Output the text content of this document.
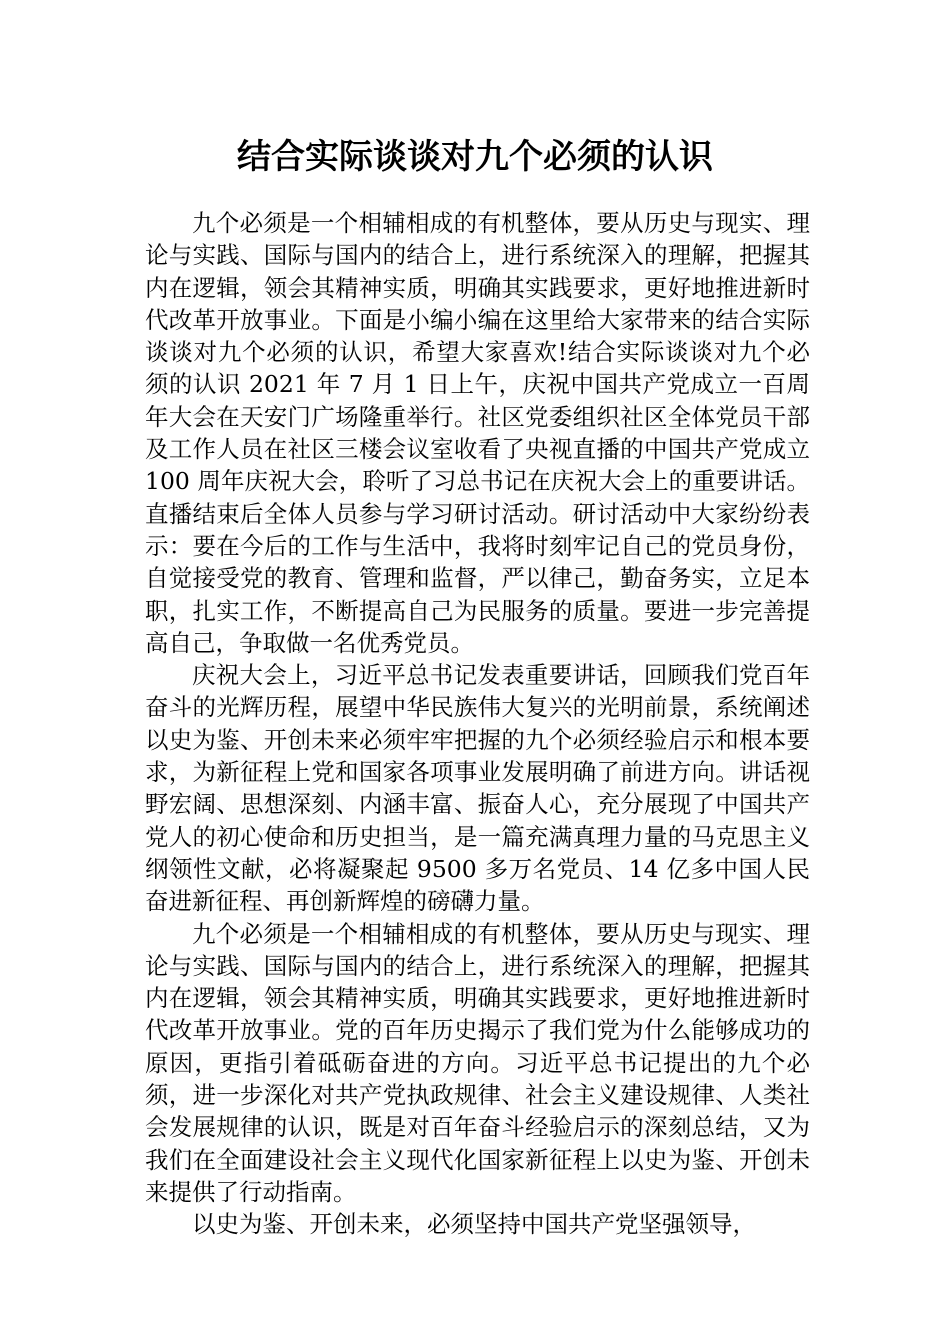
结合实际谈谈对九个必须的认识

九个必须是一个相辅相成的有机整体，要从历史与现实、理论与实践、国际与国内的结合上，进行系统深入的理解，把握其内在逻辑，领会其精神实质，明确其实践要求，更好地推进新时代改革开放事业。下面是小编小编在这里给大家带来的结合实际谈谈对九个必须的认识，希望大家喜欢!结合实际谈谈对九个必须的认识 2021 年 7 月 1 日上午，庆祝中国共产党成立一百周年大会在天安门广场隆重举行。社区党委组织社区全体党员干部及工作人员在社区三楼会议室收看了央视直播的中国共产党成立 100 周年庆祝大会，聆听了习总书记在庆祝大会上的重要讲话。直播结束后全体人员参与学习研讨活动。研讨活动中大家纷纷表示：要在今后的工作与生活中，我将时刻牢记自己的党员身份，自觉接受党的教育、管理和监督，严以律己，勤奋务实，立足本职，扎实工作，不断提高自己为民服务的质量。要进一步完善提高自己，争取做一名优秀党员。

庆祝大会上，习近平总书记发表重要讲话，回顾我们党百年奋斗的光辉历程，展望中华民族伟大复兴的光明前景，系统阐述以史为鉴、开创未来必须牢牢把握的九个必须经验启示和根本要求，为新征程上党和国家各项事业发展明确了前进方向。讲话视野宏阔、思想深刻、内涵丰富、振奋人心，充分展现了中国共产党人的初心使命和历史担当，是一篇充满真理力量的马克思主义纲领性文献，必将凝聚起 9500 多万名党员、14 亿多中国人民奋进新征程、再创新辉煌的磅礴力量。

九个必须是一个相辅相成的有机整体，要从历史与现实、理论与实践、国际与国内的结合上，进行系统深入的理解，把握其内在逻辑，领会其精神实质，明确其实践要求，更好地推进新时代改革开放事业。党的百年历史揭示了我们党为什么能够成功的原因，更指引着砥砺奋进的方向。习近平总书记提出的九个必须，进一步深化对共产党执政规律、社会主义建设规律、人类社会发展规律的认识，既是对百年奋斗经验启示的深刻总结，又为我们在全面建设社会主义现代化国家新征程上以史为鉴、开创未来提供了行动指南。

以史为鉴、开创未来，必须坚持中国共产党坚强领导，
